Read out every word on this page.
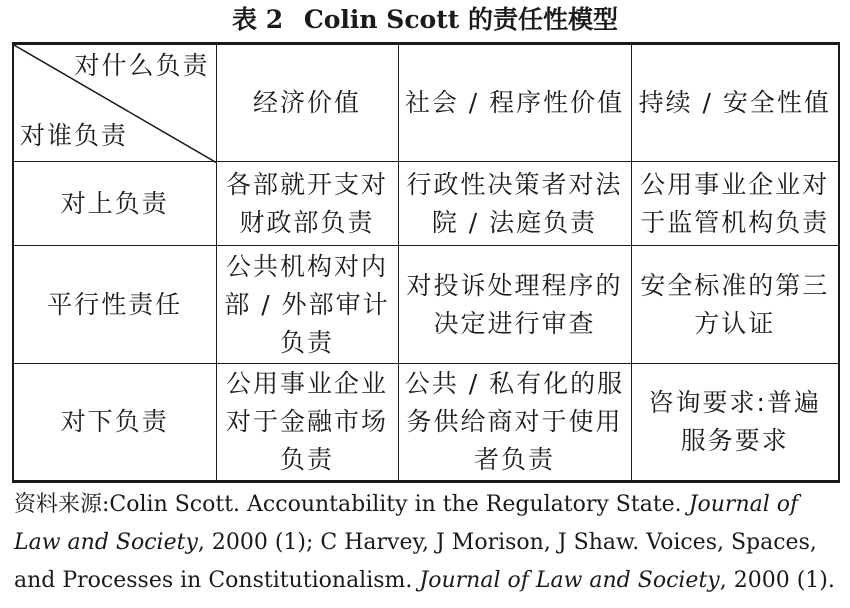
表 2 Colin Scott 的责任性模型
对什么负责
对谁负责	经济价值	社会 / 程序性价值	持续 / 安全性值
对上负责	各部就开支对财政部负责	行政性决策者对法院 / 法庭负责	公用事业企业对于监管机构负责
平行性责任	公共机构对内部 / 外部审计负责	对投诉处理程序的决定进行审查	安全标准的第三方认证
对下负责	公用事业企业对于金融市场负责	公共 / 私有化的服务供给商对于使用者负责	咨询要求:普遍服务要求
资料来源:Colin Scott. Accountability in the Regulatory State. Journal of Law and Society, 2000 (1); C Harvey, J Morison, J Shaw. Voices, Spaces, and Processes in Constitutionalism. Journal of Law and Society, 2000 (1).
